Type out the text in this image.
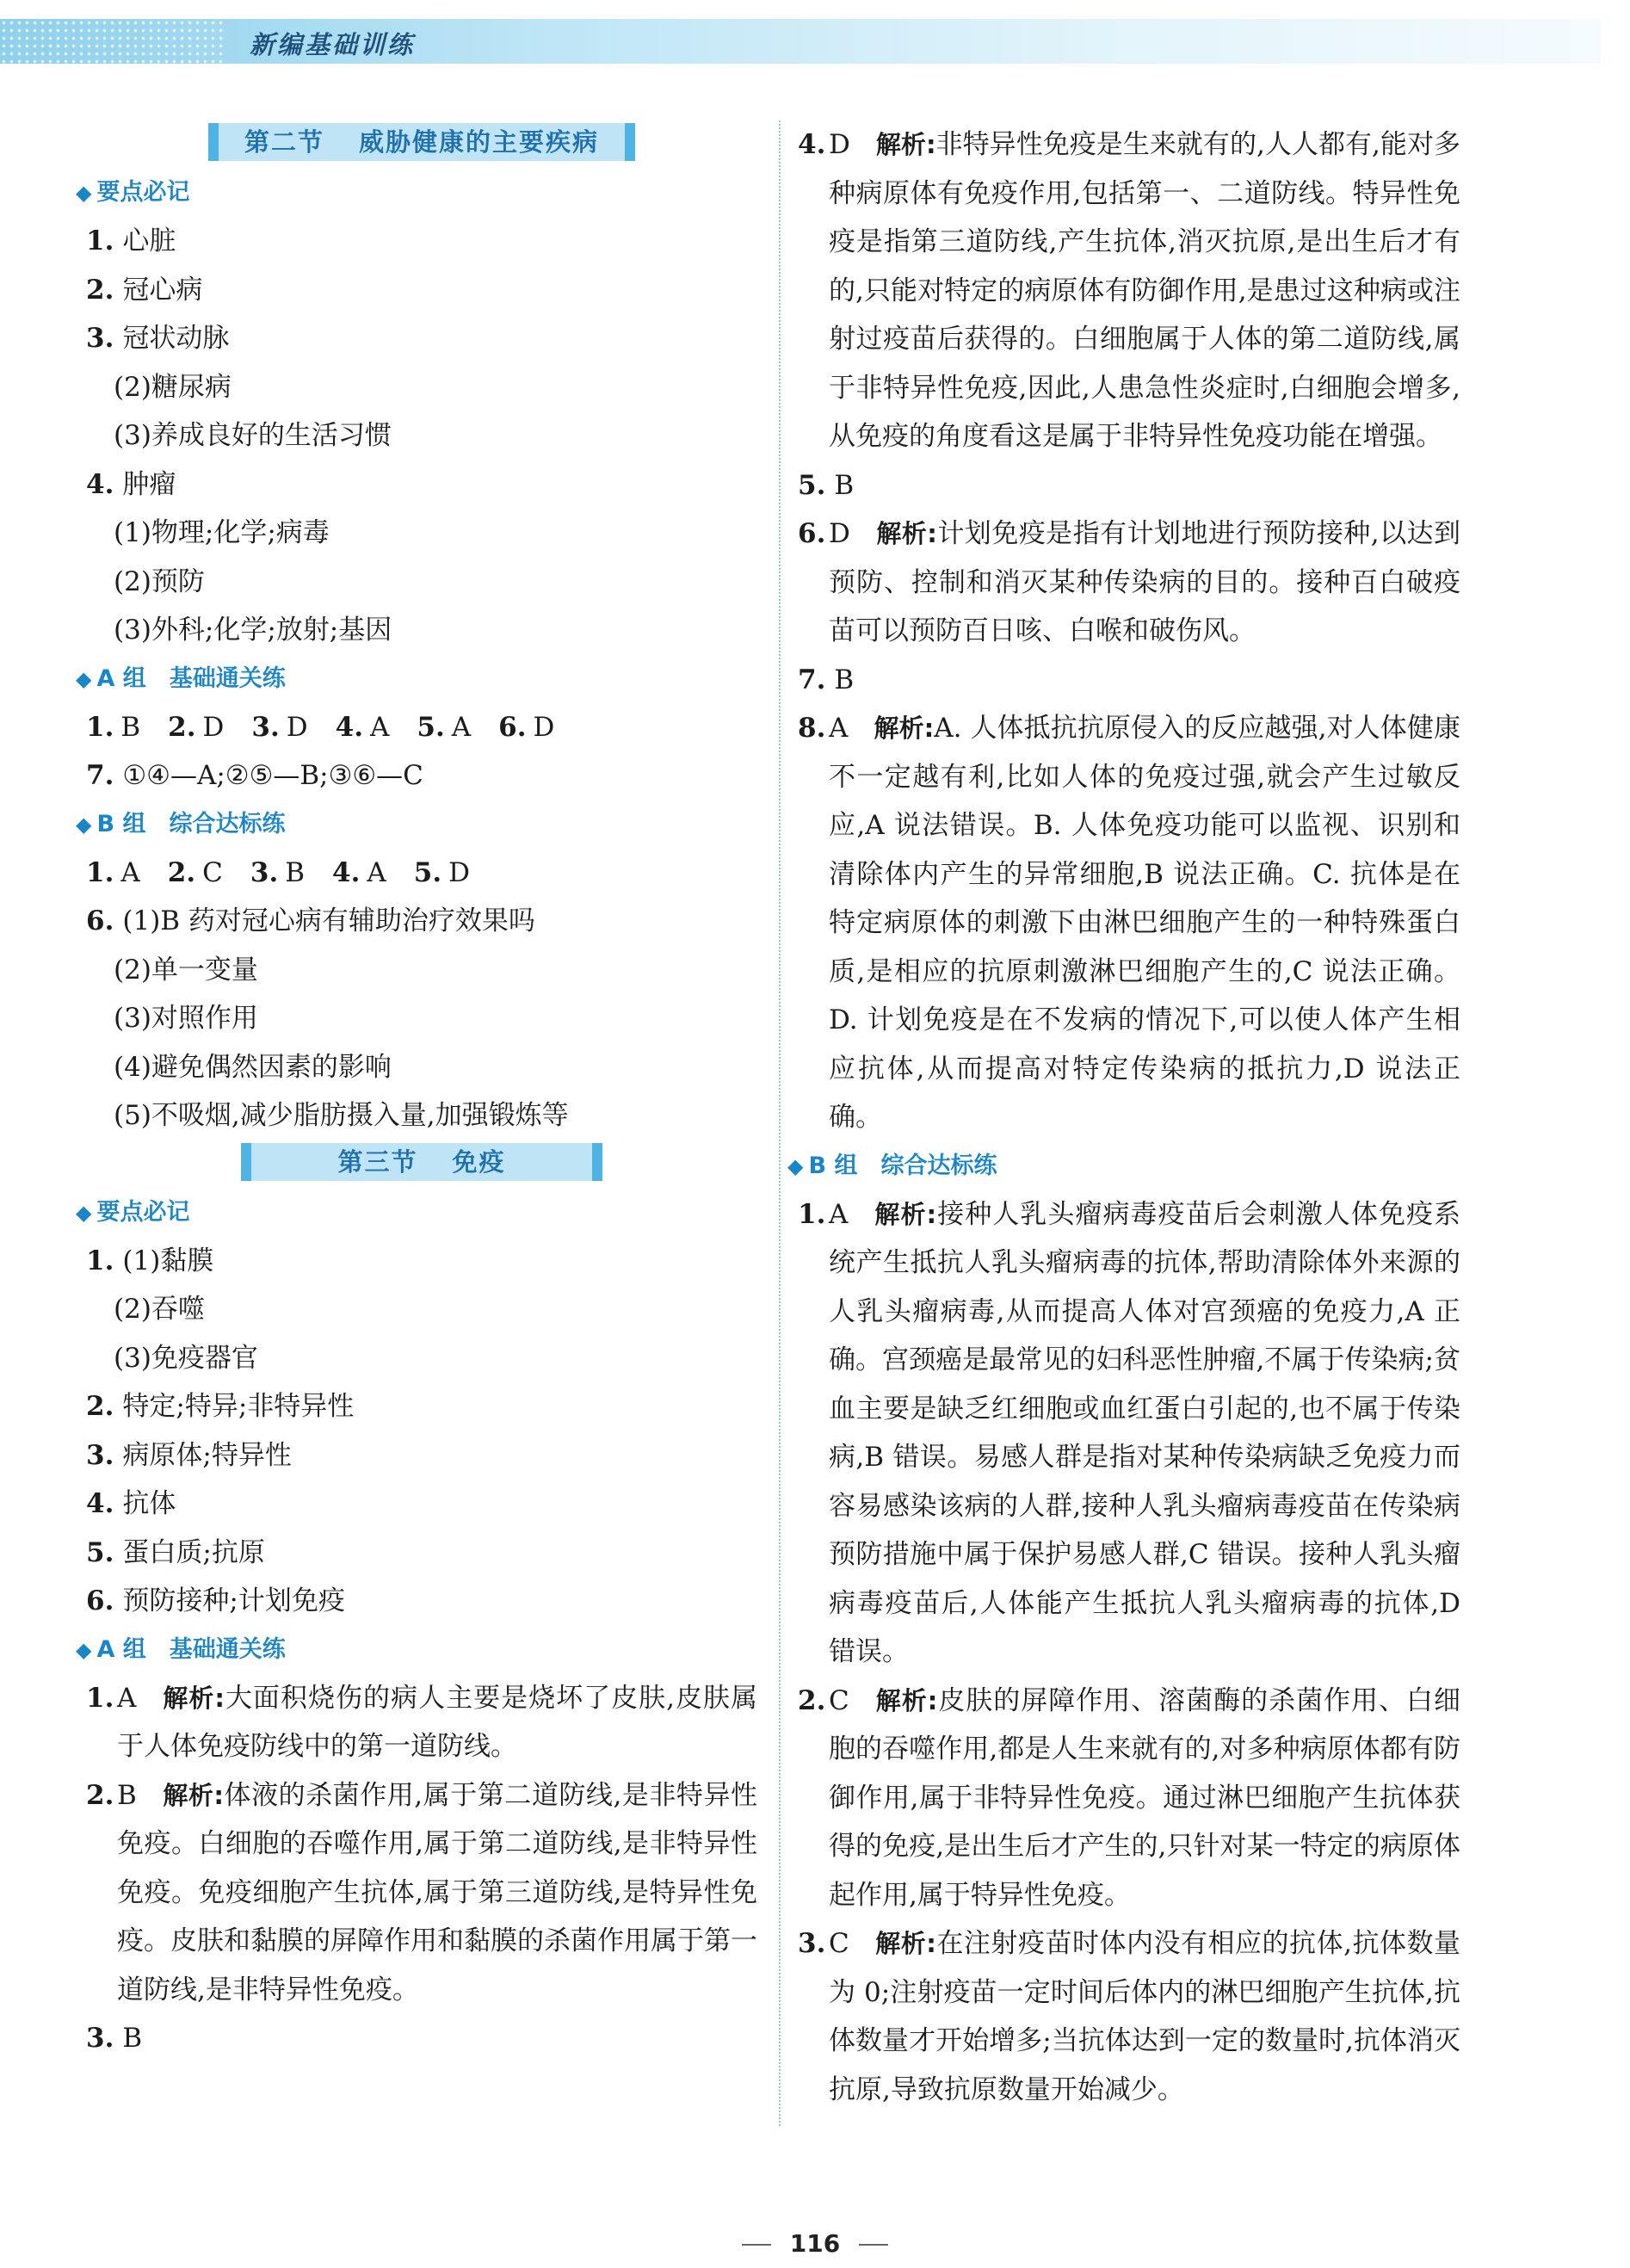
新编基础训练
第二节 威胁健康的主要疾病
◆ 要点必记
1. 心脏
2. 冠心病
3. 冠状动脉
(2)糖尿病
(3)养成良好的生活习惯
4. 肿瘤
(1)物理;化学;病毒
(2)预防
(3)外科;化学;放射;基因
◆ A 组　基础通关练
1. B 2. D 3. D 4. A 5. A 6. D
7. ①④—A;②⑤—B;③⑥—C
◆ B 组　综合达标练
1. A 2. C 3. B 4. A 5. D
6. (1)B 药对冠心病有辅助治疗效果吗
(2)单一变量
(3)对照作用
(4)避免偶然因素的影响
(5)不吸烟,减少脂肪摄入量,加强锻炼等
第三节 免疫
◆ 要点必记
1. (1)黏膜
(2)吞噬
(3)免疫器官
2. 特定;特异;非特异性
3. 病原体;特异性
4. 抗体
5. 蛋白质;抗原
6. 预防接种;计划免疫
◆ A 组　基础通关练
1. A 解析:大面积烧伤的病人主要是烧坏了皮肤,皮肤属于人体免疫防线中的第一道防线。
2. B 解析:体液的杀菌作用,属于第二道防线,是非特异性免疫。白细胞的吞噬作用,属于第二道防线,是非特异性免疫。免疫细胞产生抗体,属于第三道防线,是特异性免疫。皮肤和黏膜的屏障作用和黏膜的杀菌作用属于第一道防线,是非特异性免疫。
3. B
4. D 解析:非特异性免疫是生来就有的,人人都有,能对多种病原体有免疫作用,包括第一、二道防线。特异性免疫是指第三道防线,产生抗体,消灭抗原,是出生后才有的,只能对特定的病原体有防御作用,是患过这种病或注射过疫苗后获得的。白细胞属于人体的第二道防线,属于非特异性免疫,因此,人患急性炎症时,白细胞会增多,从免疫的角度看这是属于非特异性免疫功能在增强。
5. B
6. D 解析:计划免疫是指有计划地进行预防接种,以达到预防、控制和消灭某种传染病的目的。接种百白破疫苗可以预防百日咳、白喉和破伤风。
7. B
8. A 解析:A. 人体抵抗抗原侵入的反应越强,对人体健康不一定越有利,比如人体的免疫过强,就会产生过敏反应,A 说法错误。B. 人体免疫功能可以监视、识别和清除体内产生的异常细胞,B 说法正确。C. 抗体是在特定病原体的刺激下由淋巴细胞产生的一种特殊蛋白质,是相应的抗原刺激淋巴细胞产生的,C 说法正确。D. 计划免疫是在不发病的情况下,可以使人体产生相应抗体,从而提高对特定传染病的抵抗力,D 说法正确。
◆ B 组　综合达标练
1. A 解析:接种人乳头瘤病毒疫苗后会刺激人体免疫系统产生抵抗人乳头瘤病毒的抗体,帮助清除体外来源的人乳头瘤病毒,从而提高人体对宫颈癌的免疫力,A 正确。宫颈癌是最常见的妇科恶性肿瘤,不属于传染病;贫血主要是缺乏红细胞或血红蛋白引起的,也不属于传染病,B 错误。易感人群是指对某种传染病缺乏免疫力而容易感染该病的人群,接种人乳头瘤病毒疫苗在传染病预防措施中属于保护易感人群,C 错误。接种人乳头瘤病毒疫苗后,人体能产生抵抗人乳头瘤病毒的抗体,D 错误。
2. C 解析:皮肤的屏障作用、溶菌酶的杀菌作用、白细胞的吞噬作用,都是人生来就有的,对多种病原体都有防御作用,属于非特异性免疫。通过淋巴细胞产生抗体获得的免疫,是出生后才产生的,只针对某一特定的病原体起作用,属于特异性免疫。
3. C 解析:在注射疫苗时体内没有相应的抗体,抗体数量为 0;注射疫苗一定时间后体内的淋巴细胞产生抗体,抗体数量才开始增多;当抗体达到一定的数量时,抗体消灭抗原,导致抗原数量开始减少。
116
